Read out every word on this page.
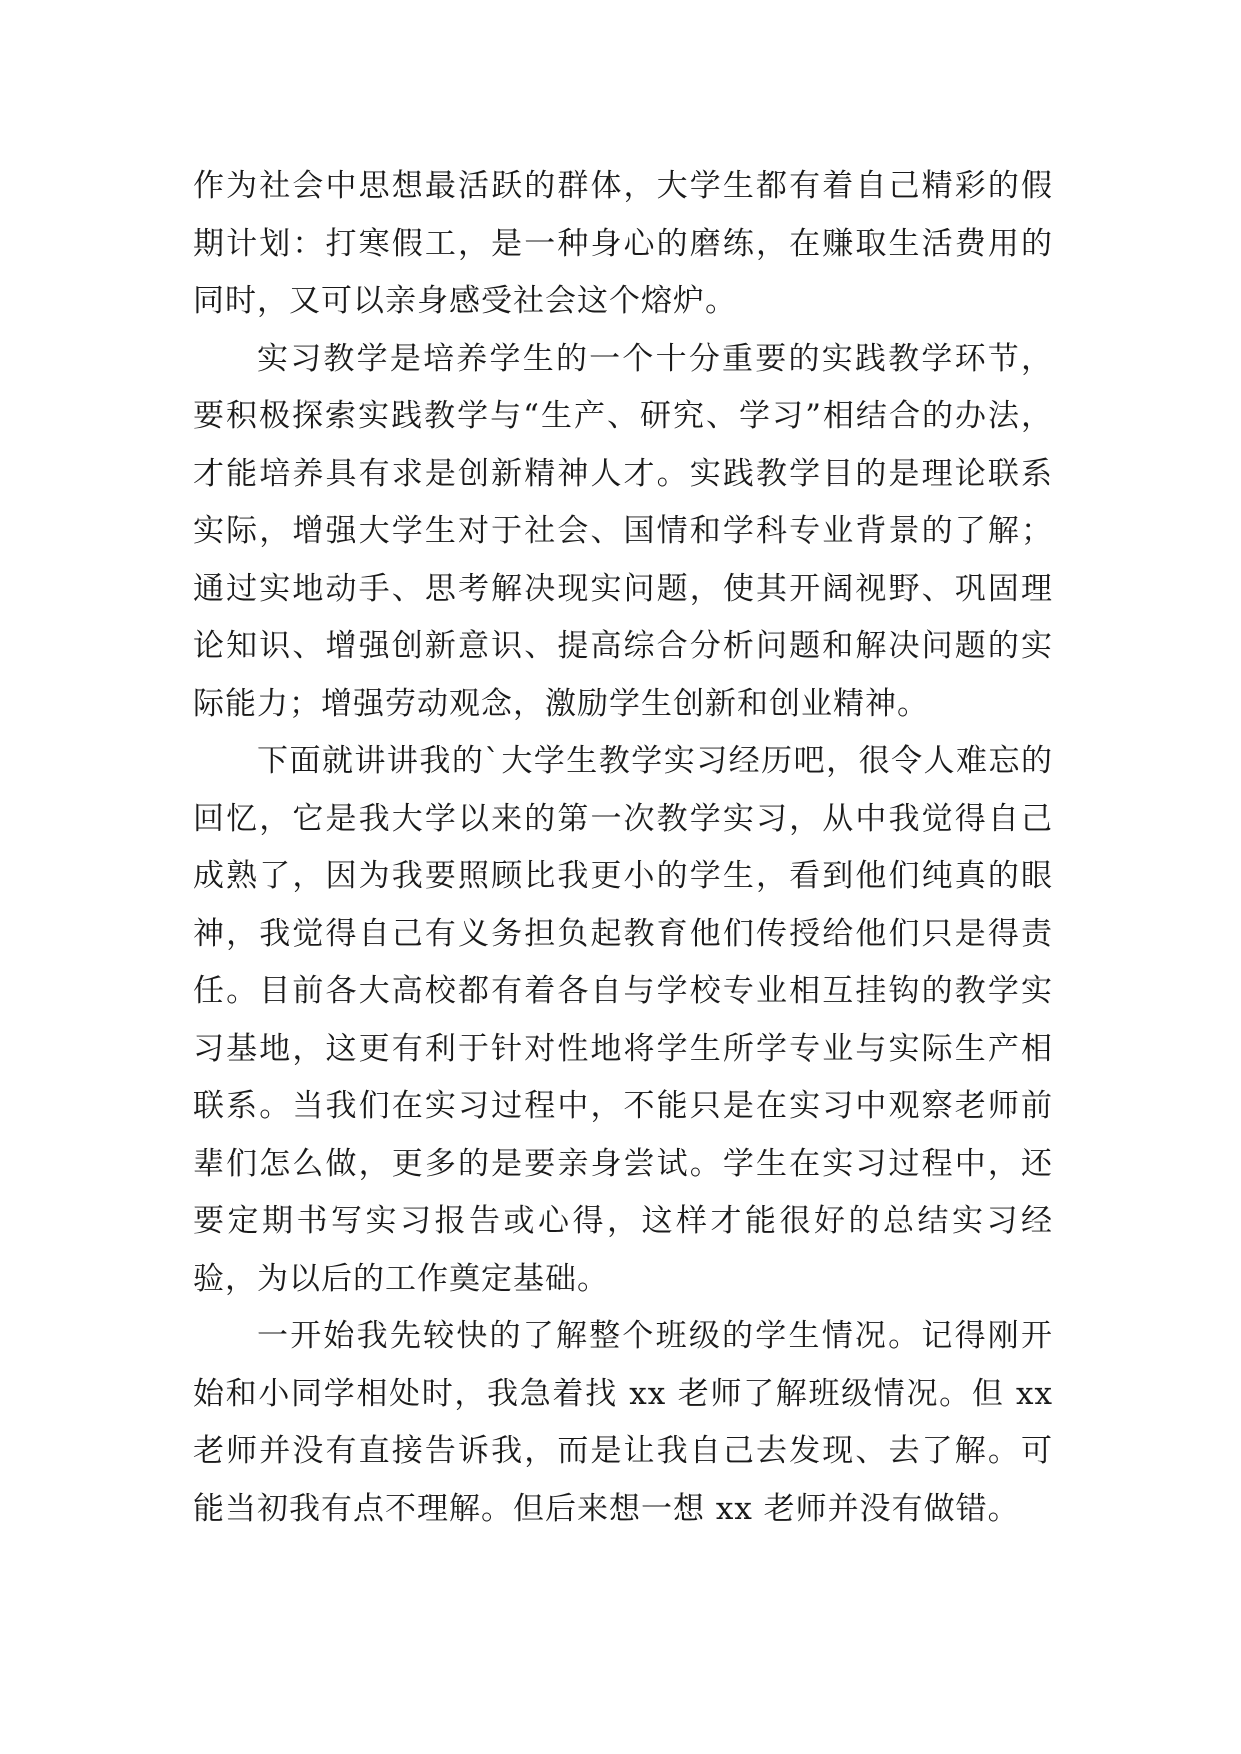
作为社会中思想最活跃的群体，大学生都有着自己精彩的假期计划：打寒假工，是一种身心的磨练，在赚取生活费用的同时，又可以亲身感受社会这个熔炉。

实习教学是培养学生的一个十分重要的实践教学环节，要积极探索实践教学与“生产、研究、学习”相结合的办法，才能培养具有求是创新精神人才。实践教学目的是理论联系实际，增强大学生对于社会、国情和学科专业背景的了解；通过实地动手、思考解决现实问题，使其开阔视野、巩固理论知识、增强创新意识、提高综合分析问题和解决问题的实际能力；增强劳动观念，激励学生创新和创业精神。

下面就讲讲我的`大学生教学实习经历吧，很令人难忘的回忆，它是我大学以来的第一次教学实习，从中我觉得自己成熟了，因为我要照顾比我更小的学生，看到他们纯真的眼神，我觉得自己有义务担负起教育他们传授给他们只是得责任。目前各大高校都有着各自与学校专业相互挂钩的教学实习基地，这更有利于针对性地将学生所学专业与实际生产相联系。当我们在实习过程中，不能只是在实习中观察老师前辈们怎么做，更多的是要亲身尝试。学生在实习过程中，还要定期书写实习报告或心得，这样才能很好的总结实习经验，为以后的工作奠定基础。

一开始我先较快的了解整个班级的学生情况。记得刚开始和小同学相处时，我急着找 xx 老师了解班级情况。但 xx 老师并没有直接告诉我，而是让我自己去发现、去了解。可能当初我有点不理解。但后来想一想 xx 老师并没有做错。
